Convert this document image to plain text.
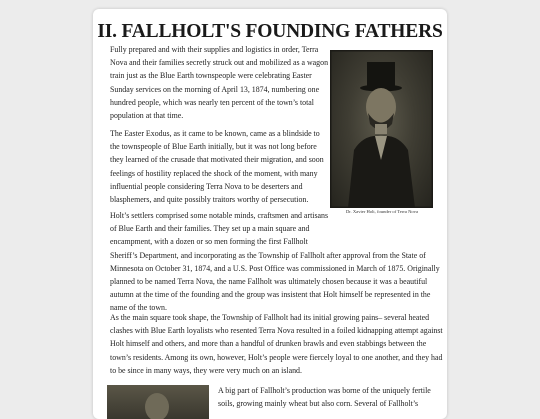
II. FALLHOLT'S FOUNDING FATHERS
Dr. Xavier Holt, founder of Terra Nova
Fully prepared and with their supplies and logistics in order, Terra
Nova and their families secretly struck out and mobilized as a wagon
train just as the Blue Earth townspeople were celebrating Easter
Sunday services on the morning of April 13, 1874, numbering one
hundred people, which was nearly ten percent of the town’s total
population at that time.
The Easter Exodus, as it came to be known, came as a blindside to
the townspeople of Blue Earth initially, but it was not long before
they learned of the crusade that motivated their migration, and soon
feelings of hostility replaced the shock of the moment, with many
influential people considering Terra Nova to be deserters and
blasphemers, and quite possibly traitors worthy of persecution.
Holt’s settlers comprised some notable minds, craftsmen and artisans
of Blue Earth and their families. They set up a main square and
encampment, with a dozen or so men forming the first Fallholt
Sheriff’s Department, and incorporating as the Township of Fallholt after approval from the State of
Minnesota on October 31, 1874, and a U.S. Post Office was commissioned in March of 1875. Originally
planned to be named Terra Nova, the name Fallholt was ultimately chosen because it was a beautiful
autumn at the time of the founding and the group was insistent that Holt himself be represented in the
name of the town.
As the main square took shape, the Township of Fallholt had its initial growing pains– several heated
clashes with Blue Earth loyalists who resented Terra Nova resulted in a foiled kidnapping attempt against
Holt himself and others, and more than a handful of drunken brawls and even stabbings between the
town’s residents. Among its own, however, Holt’s people were fiercely loyal to one another, and they had
to be since in many ways, they were very much on an island.
A big part of Fallholt’s production was borne of the uniquely fertile
soils, growing mainly wheat but also corn. Several of Fallholt’s
